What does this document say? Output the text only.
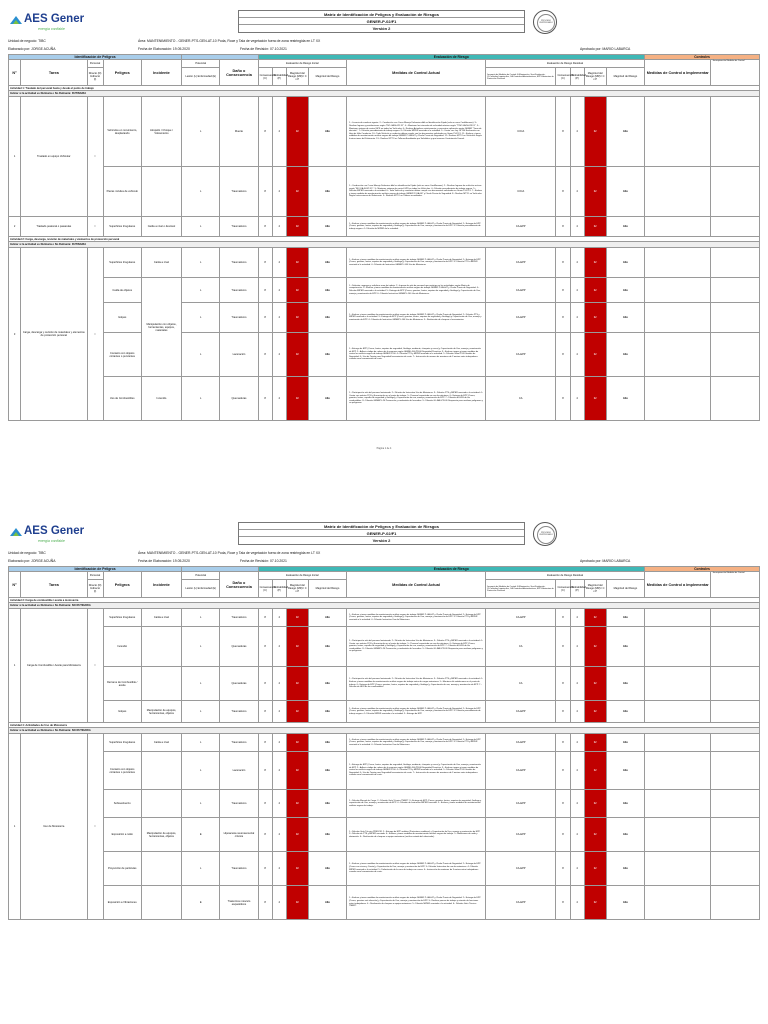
AES Gener
energía confiable
Matriz de Identificación de Peligros y Evaluación de Riesgos
GENER-P-02/F1
Versión 2
PROCESO CERTIFICADO
Unidad de negocio: TIBC	Área: MANTENIMIENTO - GENER-PTS-GEN-AT-10 Poda, Roce y Tala de vegetación fuera de zona restringida en LT XX
Elaborado por: JORGE ACUÑA	Fecha de Elaboración: 19.05.2020	Fecha de Revisión: 07.10.2021	Aprobado por: MARIO LABARCA
Identificación de Peligros							Evaluación de Riesgo										Controles	
N°	Tarea	Personal	Peligros	Incidente	Potencial	Daño o Consecuencia	Evaluación de Riesgo Inicial				Medidas de Control Actual	Evaluación de Riesgo Residual					Medidas de Control a Implementar	Jerarquización Medidas de Control
		Directo (D) Indirecto (I)			Lesión (L) Enfermedad (E)		Consecuencia (C)	Probabilidad (P)	Magnitud del Riesgo (MR)= C x P	Magnitud del Riesgo		Jerarquía de Medidas de Control: E:Eliminación, Sust:Sustitución, CI:Controles Ingenieriles, CA:Controles Administrativos, EPP:Elementos de Protección Personal	Consecuencia (C)	Probabilidad (P)	Magnitud del Riesgo (MR)= C x P	Magnitud del Riesgo		

Actividad 1: Traslado del personal hasta y desde el punto de trabajo																		
Indicar si la actividad es Rutinaria o No Rutinaria: RUTINARIA																		
1	Traslado en equipo Vehicular	I	Vehículos en movimiento, desplazando	Atropello / Choque / Volcamiento	L	Muerte	8	4	32	Alto	1.- Licencia de conducir vigente. 2.- Conducción con Curso Manejo Defensivo dibil en Identificación Fijado (solo en zona Cordilleranas). 3.- Realizar Ingreso y postulaciones según "INC-UA-N-021 F1". 4.- Mantener los intervalos de velocidad máxima según "TINC-UA-N-023 F1". 5.- Mantener sistema de control GPS en todos los Vehículos. 6.- Realizar Actualizar estrictamente y concentrar aplicación según GENER "Toma de decisión". 7.- Difusión procedimiento de trabajo seguro. 8.- Difusión MIPER asociada a la actividad. 9.- Contar con Ley 16.744 Evaluación con Hoja de Vida Conductor. 10.- Todo Vehículo y conductor deben cumplir con los documentos solicitados en Gener P-02 F1. 11.- Evaluar y tomar medidas de monitorización análisis seguro de trabajo GENER P-UA-047 y Charla Previa de Seguridad. 12.- Realizar MTTO en Vehículos Según Instrucciones del Fabricante. 13.- Realizar MTTO en Talleres Acreditados por Señalética y que tenemos Contratación Formal.	CI/CA	8	4	32	Alto		
			Piezas móviles de vehículo		L	Traumatismo	8	4	32	Alto	1.- Conducción con Curso Manejo Defensivo dibil en identificación Fijado (solo en zona Cordilleranas). 2.- Realizar Ingreso de vehículos activos según "INC-UA-N-021 F1". 3.- Mantener sistema de control GPS en todos los Vehículos. 4.- Difusión procedimiento de trabajo seguro. 5.- Difusión MIPER asociada a la actividad. 6.- Todo Vehículo y conductor deben cumplir con documentos solicitados en Gener P-02 F1. 7.- Evaluar y tomar medidas de monitorización análisis seguro de trabajo GENER P-UA-047 y Charla Previa de Seguridad. 8.- Realizar MTTO en Vehículos Según Instrucciones del Fabricante. 9.- Realizar MTTO en Talleres acreditados.	CI/CA	8	4	32	Alto		
2	Traslado peatonal o pasarelas	I	Superficies Irregulares	Caída a nivel o desnivel	L	Traumatismo	8	4	32	Alto	1.- Evaluar y tomar medidas de monitorización análisis seguro de trabajo GENER P-UA-047 y Charla Previa de Seguridad. 2.- Entrega de EPP (Casco, guantes, lentes, zapatos de seguridad y Geólogo) y Capacitación de Uso, manejo y mantención de EPP. 3.- Difusión procedimiento de trabajo seguro. 4.- Difusión de MIPER de la actividad.	CA-EPP	8	4	32	Alto		
Actividad 2: Carga, descarga, revisión de materiales y elementos de protección personal																		
Indicar si la actividad es Rutinaria o No Rutinaria: RUTINARIA																		
3	Carga, descarga y revisión de materiales y elementos de protección personal	I	Superficies Irregulares	Caída a nivel	L	Traumatismo	8	4	32	Alto	1.- Evaluar y tomar medidas de monitorización análisis seguro de trabajo GENER P-UA-047 y Charla Previa de Seguridad. 2.- Entrega de EPP (Casco, guantes, lentes, zapatos de seguridad y Geólogo) y Capacitación de Uso, manejo y mantención de EPP. 3.- Difusión PTS a MIPER asociada a la actividad. 4.- Difusión de Instructivo GEMEPL-140 Uso de Motosierra.	CA-EPP	8	4	32	Alto		
			Caída de objetos	Manipulación con objetos, herramientas, equipos, materiales	L	Traumatismo	8	4	32	Alto	1.- Delimitar, segregar y señalizar zona de trabajo. 2.- Ingreso de solo de personal que participa en las actividades según Matriz de competencias. 3.- Evaluar y tomar medidas de monitorización análisis seguro de trabajo GENER P-UA-047 y Charla Previa de Seguridad. 4.- Difusión MIPER asociada a la actividad. 5.- Entrega de EPP (Casco, guantes, lentes, zapatos de seguridad y Geólogo) y Capacitación de Uso, manejo y mantención de EPP. 6.- Difusión Instructivo GEMEPL-140 Uso de Motosierra.	CA-EPP	8	4	32	Alto		
			Golpes		L	Traumatismo	8	4	32	Alto	1.- Evaluar y tomar medidas de monitorización análisis seguro de trabajo GENER P-UA-047 y Charla Previa de Seguridad. 2.- Difusión PTS y MIPER asociada a la actividad. 3.- Entrega de EPP (Casco, guantes, lentes, zapatos de seguridad y Geólogo) y Capacitación de Uso, manejo y mantención de EPP. 4.- Difusión de Instructivo GEMEPL-140 Uso de Motosierra. 5.- Realización de chequeo a herramientas.	CA-EPP	8	4	32	Alto		
			Contacto con objetos cortantes o punzantes		L	Laceración	8	4	32	Alto	1.- Entrega de EPP (Casco, lentes, zapatos de seguridad, Geólogo, ambiente, chaqueta y casco) y Capacitación de Uso, manejo y mantención de EPP. 2.- Adherir código de colores de la empresa según GEMEL-SG-PR-06 Seguridad Proactiva. 3.- Evaluar riesgos y tomar medidas de control en análisis seguro de trabajo GENER P-04. 4.- Difusión PTS y MIPER asociada a la actividad. 5.- Difusión Serial P-09 Gestión de Seguridad. 6.- Uso de Tarjeta para Seguridad herramientas de corte. 7.- Instrucción de manera de mantener de 3 metros entre trabajadores cuando usan herramientas de corte.	CA-EPP	8	4	32	Alto		
			Uso de Combustibles	Incendio	L	Quemaduras	8	4	32	Alto	1.- Participación solo del personal autorizado. 2.- Difusión de Instructivo Uso de Motosierra. 3.- Difusión PTS y MIPER asociada a la actividad. 4.- Contar con extintor PQS y Encontrarlos en el punto de trabajo. 5.- Personal capacitado en uso de extintores. 6.- Entrega de EPP (Casco, guantes, lentes, zapatos de seguridad y Geólogo) y Capacitación de uso, manejo y mantención de EPP. 7.- Difusión de HDS de los combustibles. 8.- Difusión GEMEPL-24 Prevención y combustión de Incendios. 9.- Difusión GL-BAL-PR-09 Respuesta para residuos peligrosos y no peligrosos.	CA	8	4	32	Alto		
Página 1 de 4
AES Gener
energía confiable
Matriz de Identificación de Peligros y Evaluación de Riesgos
GENER-P-02/F1
Versión 2
PROCESO CERTIFICADO
Unidad de negocio: TIBC	Área: MANTENIMIENTO - GENER-PTS-GEN-AT-10 Poda, Roce y Tala de vegetación fuera de zona restringida en LT XX
Elaborado por: JORGE ACUÑA	Fecha de Elaboración: 19.05.2020	Fecha de Revisión: 07.10.2021	Aprobado por: MARIO LABARCA
Identificación de Peligros							Evaluación de Riesgo										Controles	
N°	Tarea	Personal	Peligros	Incidente	Potencial	Daño o Consecuencia	Evaluación de Riesgo Inicial				Medidas de Control Actual	Evaluación de Riesgo Residual					Medidas de Control a Implementar	Jerarquización Medidas de Control
		Directo (D) Indirecto (I)			Lesión (L) Enfermedad (E)		Consecuencia (C)	Probabilidad (P)	Magnitud del Riesgo (MR)= C x P	Magnitud del Riesgo		Jerarquía de Medidas de Control: E:Eliminación, Sust:Sustitución, CI:Controles Ingenieriles, CA:Controles Administrativos, EPP:Elementos de Protección Personal	Consecuencia (C)	Probabilidad (P)	Magnitud del Riesgo (MR)= C x P	Magnitud del Riesgo		

Actividad 3: Carga de combustible / aceite a motosierra																		
Indicar si la actividad es Rutinaria o No Rutinaria: NO RUTINARIA																		
1	Carga de Combustible / Aceite para Motosierra	I	Superficies Irregulares	Caída a nivel	L	Traumatismo	8	4	32	Alto	1.- Evaluar y tomar medidas de monitorización análisis seguro de trabajo GENER P-UA-047 y Charla Previa de Seguridad. 2.- Entrega de EPP (Casco, guantes, lentes, zapatos de seguridad y Geólogo) y Capacitación de Uso, manejo y mantención de EPP. 3.- Difusión PTS y MIPER asociada a la actividad. 4.- Difusión Instructivo Uso de Motosierra.	CA-EPP	8	4	32	Alto		
			Incendio		L	Quemaduras	8	4	32	Alto	1.- Participación solo del personal autorizado. 2.- Difusión de Instructivo Uso de Motosierra. 3.- Difusión PTS y MIPER asociada a la actividad. 4.- Contar con extintor PQS y Encontrarlos en el punto de trabajo. 5.- Personal capacitado en uso de extintores. 6.- Entrega de EPP (Casco, guantes, lentes, zapatos de seguridad y Geólogo) y Capacitación de uso, manejo y mantención de EPP. 7.- Difusión de HDS de los combustibles. 8.- Difusión GEMEPL-24 Prevención y combustión de Incendios. 9.- Difusión GL-BAL-PR-09 Respuesta para residuos peligrosos y no peligrosos.	CA	8	4	32	Alto		
			Derrame de Combustible / aceite		L	Quemaduras	8	4	32	Alto	1.- Participación solo del personal autorizado. 2.- Difusión de Instructivo Uso de Motosierra. 3.- Difusión PTS y MIPER asociada a la actividad. 4.- Evaluar y tomar medidas de monitorización análisis seguro de trabajo antes de cargar motosierra. 5.- Mantener kit antiderrame en el punto de trabajo. 6.- Entrega de EPP (Casco, guantes, lentes, zapatos de seguridad y Geólogo) y Capacitación de uso, manejo y mantención de EPP. 7.- Difusión de HDS de los combustibles.	CA	8	4	32	Alto		
			Golpes	Manipulación de equipos, herramientas, objetos	L	Traumatismo	8	4	32	Alto	1.- Evaluar y tomar medidas de monitorización análisis seguro de trabajo GENER P-UA-047 y Charla Previa de Seguridad. 2.- Entrega de EPP (Casco, guantes, lentes, zapatos de seguridad y Geólogo) y Capacitación de Uso, manejo y mantención de EPP. 3.- Difusión procedimiento de trabajo seguro. 4.- Difusión MIPER asociada a la actividad. 5.- Entrega de EPP.	CA-EPP	8	4	32	Alto		
Actividad 4: Actividades de Uso de Motosierra																		
Indicar si la actividad es Rutinaria o No Rutinaria: NO RUTINARIA																		
1	Uso de Motosierra	I	Superficies Irregulares	Caída a nivel	L	Traumatismo	8	4	32	Alto	1.- Evaluar y tomar medidas de monitorización análisis seguro de trabajo GENER P-UA-047 y Charla Previa de Seguridad. 2.- Entrega de EPP (Casco, guantes, lentes, zapatos de seguridad y Geólogo) y Capacitación de Uso, manejo y mantención de EPP. 3.- Difusión PTS y MIPER asociada a la actividad. 4.- Difusión Instructivo Uso de Motosierra.	CA-EPP	8	4	32	Alto		
			Contacto con objetos cortantes o punzantes		L	Laceración	8	4	32	Alto	1.- Entrega de EPP (Casco, lentes, zapatos de seguridad, Geólogo, ambiente, chaqueta y casco) y Capacitación de Uso, manejo y mantención de EPP. 2.- Adherir código de colores de la empresa según GEMEL-SG-PR-06 Seguridad Proactiva. 3.- Evaluar riesgos y tomar medidas de control en análisis seguro de trabajo GENER P-04. 4.- Difusión PTS y MIPER asociada a la actividad. 5.- Difusión Serial P-09 Gestión de Seguridad. 6.- Uso de Tarjeta para Seguridad herramientas de corte. 7.- Instrucción de manera de mantener de 3 metros entre trabajadores cuando usan herramientas de corte.	CA-EPP	8	4	32	Alto		
			Sobreesfuerzo		L	Traumatismo	8	4	32	Alto	1.- Difusión Manual de Carga. 2.- Difusión Guía Técnica TMERT. 3.- Entrega de EPP (Casco, guantes, lentes, zapatos de seguridad, Geólogo y capacitación de Uso, manejo y mantención de EPP. 4.- Difusión de Instructivo MIPER asociada. 5.- Evaluar y tomar medidas de monitorización análisis seguro de trabajo.	CA-EPP	8	4	32	Alto		
			Exposición a ruido	Manipulación de equipos, herramientas, objetos	E	Hipoacusia neurosensorial crónica	8	4	32	Alto	1.- Difusión Guía Técnica PREXOR. 2.- Entrega de EPP auditivo (Protectores auditivos) y Capacitación de Uso, manejo y mantención de EPP. 3.- Difusión de PTS y MIPER asociada. 4.- Evaluar y tomar medidas de monitorización análisis seguro de trabajo. 5.- Mediciones de ruido y dosimetría. 6.- Realización de chequeo a equipo motosierra (verificar estado del silenciador).	CA-EPP	8	4	32	Alto		
			Proyección de partículas		L	Traumatismo	8	4	32	Alto	1.- Evaluar y tomar medidas de monitorización análisis seguro de trabajo GENER P-UA-047 y Charla Previa de Seguridad. 2.- Entrega de EPP (Casco con visera y Careta) y Capacitación de Uso, manejo y mantención de EPP. 3.- Difusión Instructivo de uso de motosierra. 4.- Difusión MIPER asociada a la actividad. 5.- Delimitación de la zona de trabajo con conos. 6.- Instrucción de mantener de 3 metros entre trabajadores cuando usan herramientas de corte.	CA-EPP	8	4	32	Alto		
			Exposición a Vibraciones		E	Trastornos músculo esqueléticos	8	4	32	Alto	1.- Evaluar y tomar medidas de monitorización análisis seguro de trabajo GENER P-UA-047 y Charla Previa de Seguridad. 2.- Entrega de EPP (Casco, guantes anti vibración) y Capacitación de Uso, manejo y mantención de EPP. 3.- Realizar pausas de trabajo y rotación de funciones entre trabajadores. 4.- Realización de chequeo a equipo motosierra. 5.- Difusión MIPER asociada a la actividad. 6.- Difusión Guía Técnica TMERT.	CA-EPP	8	4	32	Alto		
